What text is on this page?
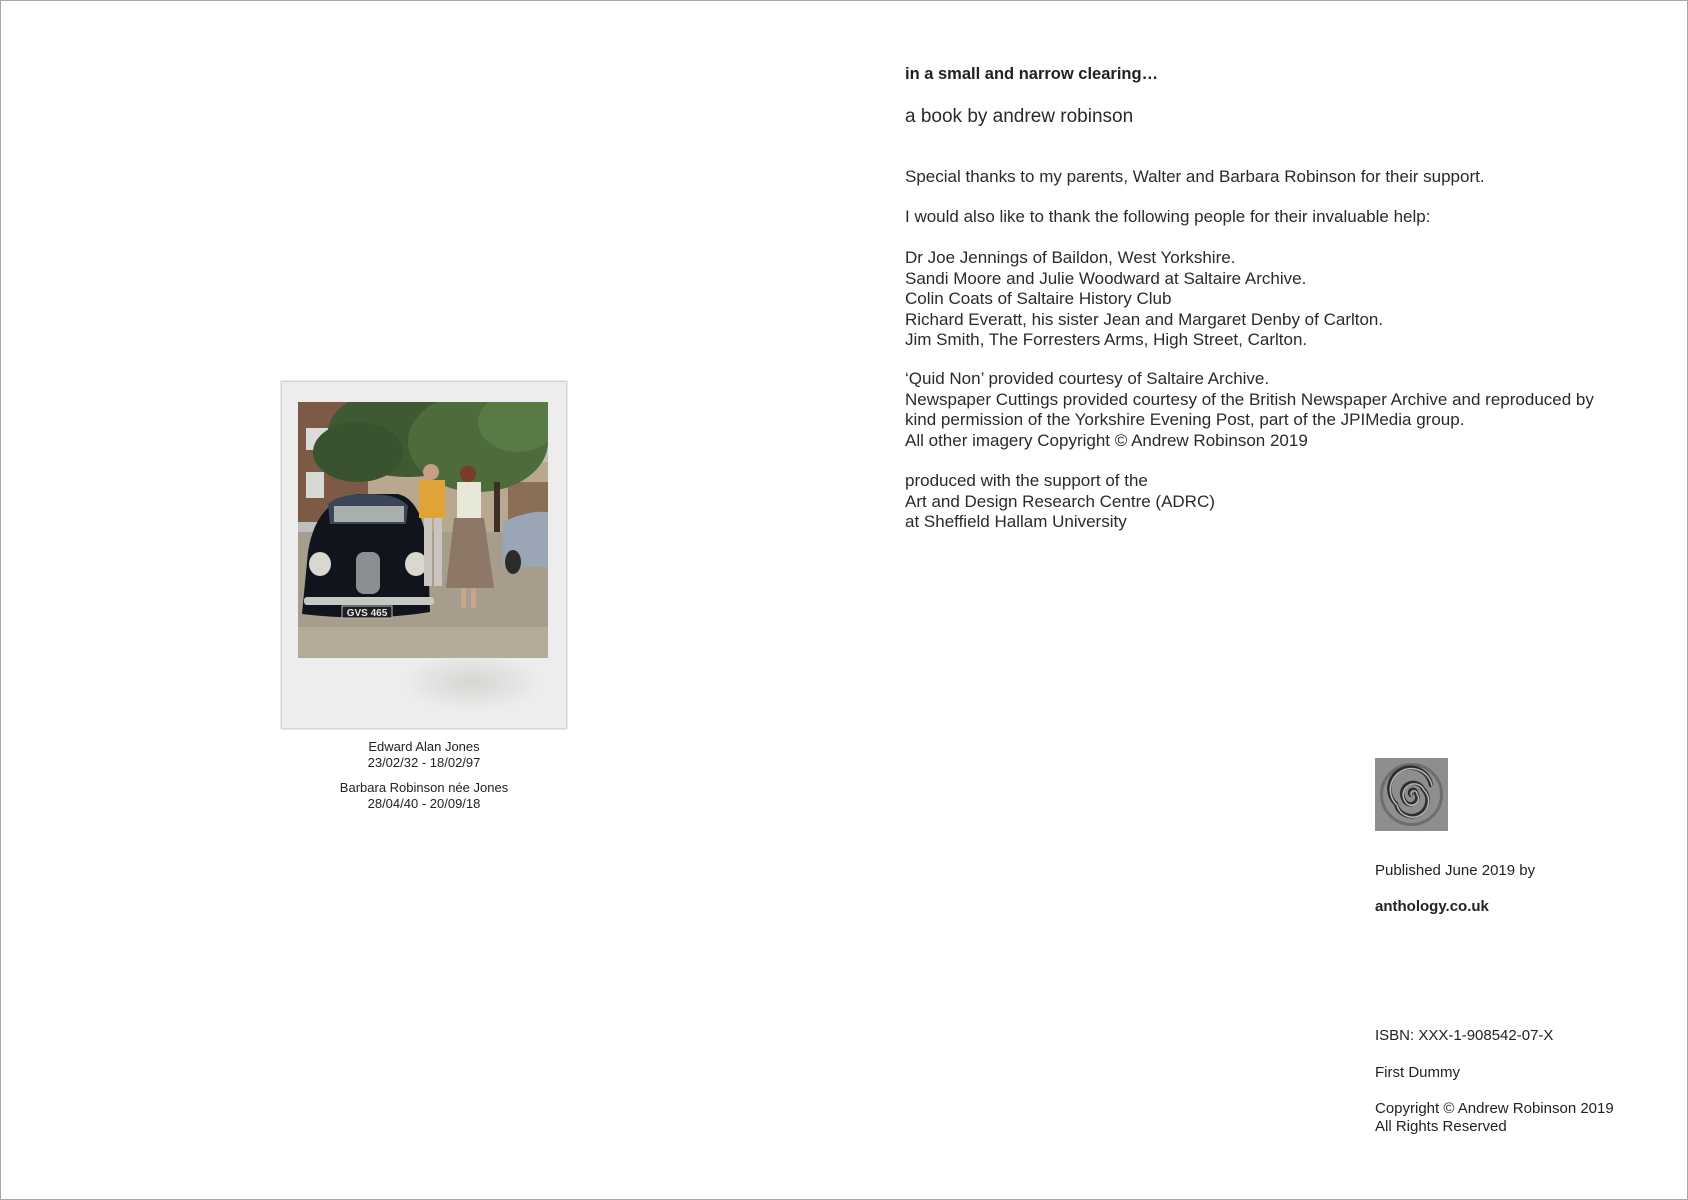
GVS 465
Edward Alan Jones
23/02/32 - 18/02/97
Barbara Robinson née Jones
28/04/40 - 20/09/18
in a small and narrow clearing…
a book by andrew robinson
Special thanks to my parents, Walter and Barbara Robinson for their support.
I would also like to thank the following people for their invaluable help:
Dr Joe Jennings of Baildon, West Yorkshire.
Sandi Moore and Julie Woodward at Saltaire Archive.
Colin Coats of Saltaire History Club
Richard Everatt, his sister Jean and Margaret Denby of Carlton.
Jim Smith, The Forresters Arms, High Street, Carlton.
‘Quid Non’ provided courtesy of Saltaire Archive.
Newspaper Cuttings provided courtesy of the British Newspaper Archive and reproduced by
kind permission of the Yorkshire Evening Post, part of the JPIMedia group.
All other imagery Copyright © Andrew Robinson 2019
produced with the support of the
Art and Design Research Centre (ADRC)
at Sheffield Hallam University
Published June 2019 by
anthology.co.uk
ISBN: XXX-1-908542-07-X
First Dummy
Copyright © Andrew Robinson 2019
All Rights Reserved
